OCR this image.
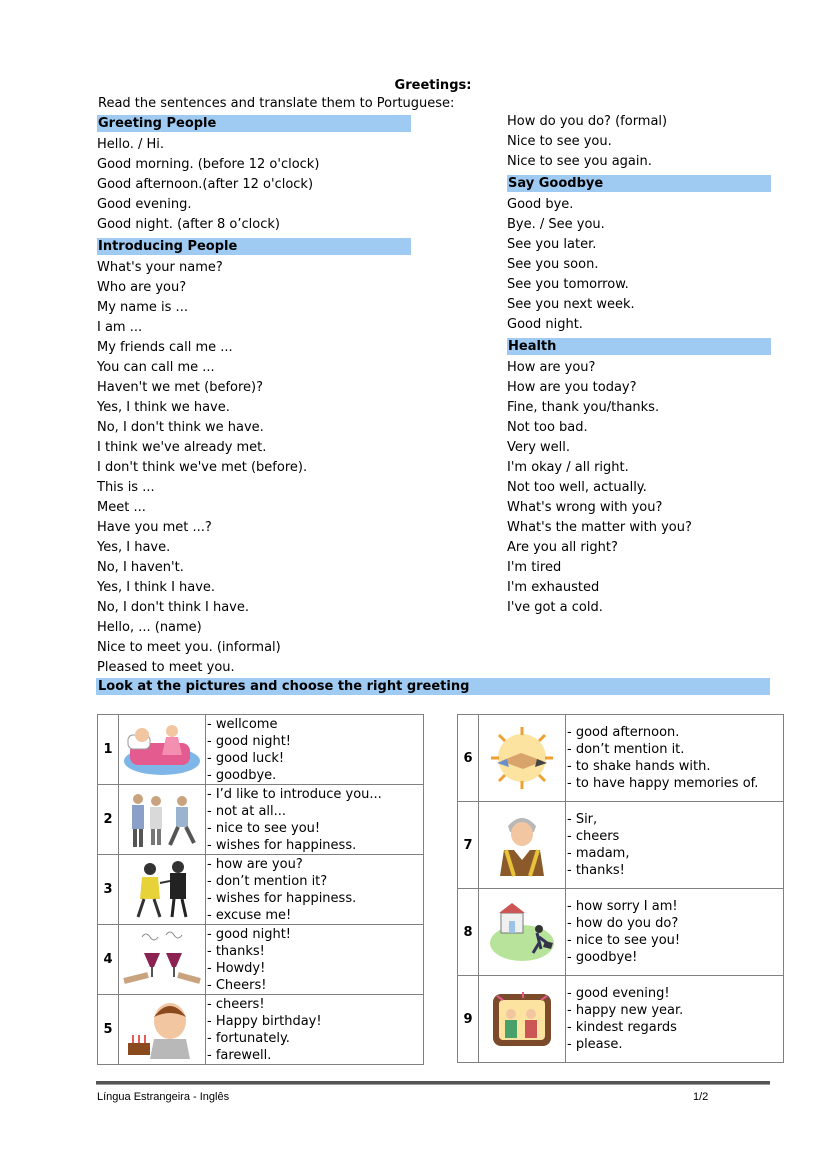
Greetings:
Read the sentences and translate them to Portuguese:
Greeting People
Hello. / Hi.
Good morning. (before 12 o'clock)
Good afternoon.(after 12 o'clock)
Good evening.
Good night. (after 8 o’clock)
Introducing People
What's your name?
Who are you?
My name is ...
I am ...
My friends call me ...
You can call me ...
Haven't we met (before)?
Yes, I think we have.
No, I don't think we have.
I think we've already met.
I don't think we've met (before).
This is ...
Meet ...
Have you met ...?
Yes, I have.
No, I haven't.
Yes, I think I have.
No, I don't think I have.
Hello, ... (name)
Nice to meet you. (informal)
Pleased to meet you.
How do you do? (formal)
Nice to see you.
Nice to see you again.
Say Goodbye
Good bye.
Bye. / See you.
See you later.
See you soon.
See you tomorrow.
See you next week.
Good night.
Health
How are you?
How are you today?
Fine, thank you/thanks.
Not too bad.
Very well.
I'm okay / all right.
Not too well, actually.
What's wrong with you?
What's the matter with you?
Are you all right?
I'm tired
I'm exhausted
I've got a cold.
Look at the pictures and choose the right greeting
1		- wellcome
- good night!
- good luck!
- goodbye.

2		- I’d like to introduce you...
- not at all...
- nice to see you!
- wishes for happiness.

3		- how are you?
- don’t mention it?
- wishes for happiness.
- excuse me!

4		- good night!
- thanks!
- Howdy!
- Cheers!

5		- cheers!
- Happy birthday!
- fortunately.
- farewell.
6		- good afternoon.
- don’t mention it.
- to shake hands with.
- to have happy memories of.

7		- Sir,
- cheers
- madam,
- thanks!

8		- how sorry I am!
- how do you do?
- nice to see you!
- goodbye!

9		- good evening!
- happy new year.
- kindest regards
- please.
Língua Estrangeira - Inglês	1/2
